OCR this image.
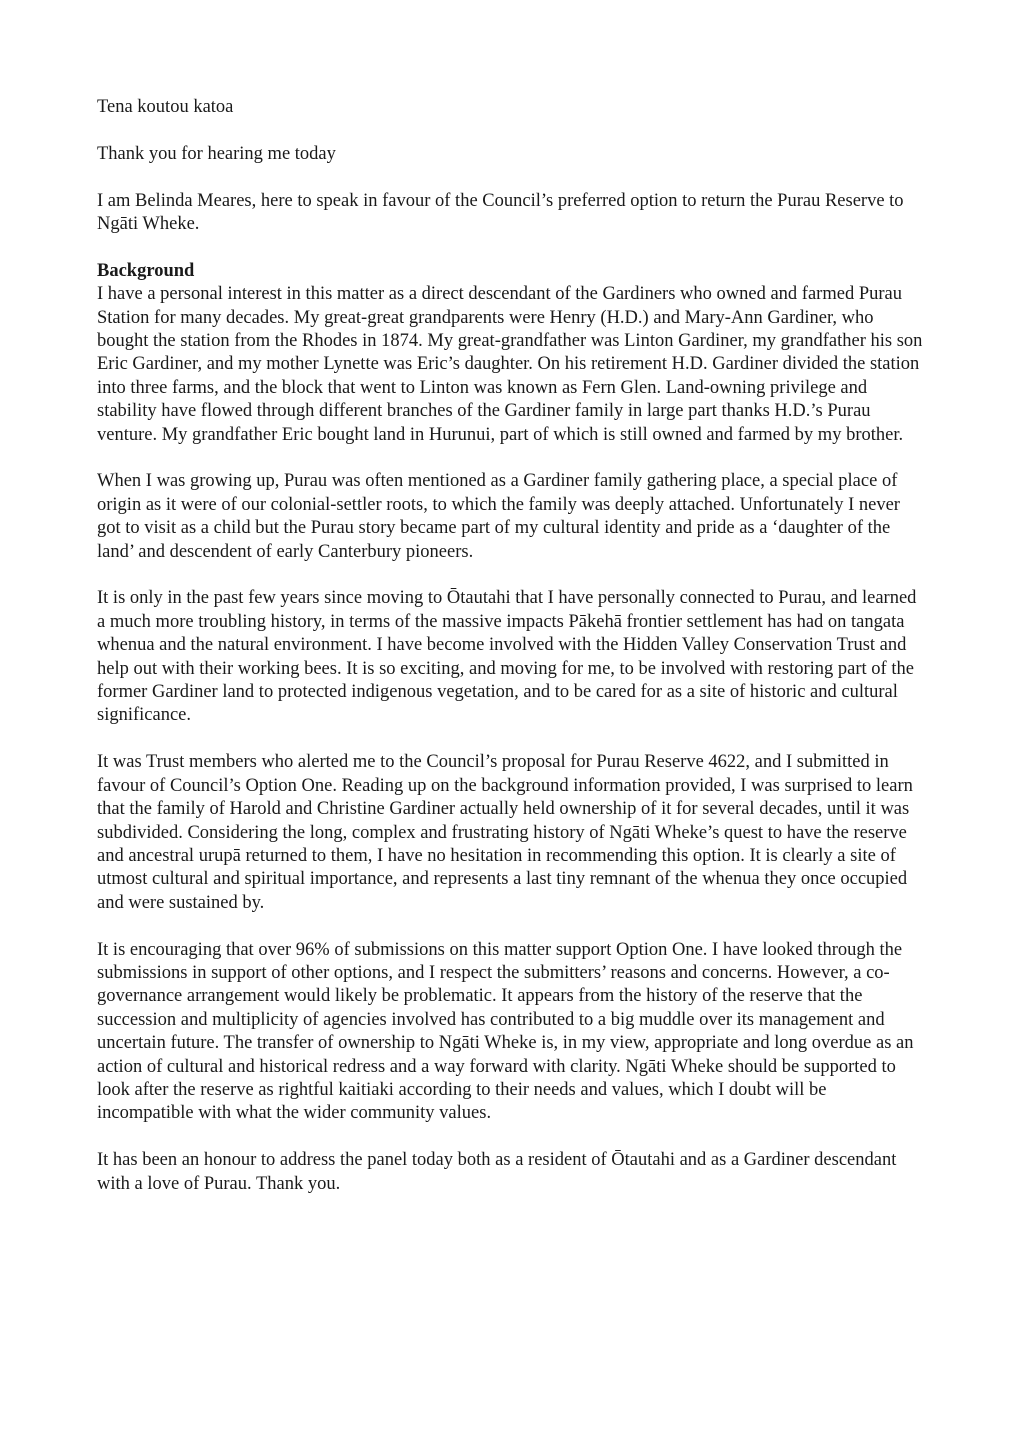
Tena koutou katoa

Thank you for hearing me today

I am Belinda Meares, here to speak in favour of the Council’s preferred option to return the Purau Reserve to Ngāti Wheke.

Background
I have a personal interest in this matter as a direct descendant of the Gardiners who owned and farmed Purau Station for many decades. My great-great grandparents were Henry (H.D.) and Mary-Ann Gardiner, who bought the station from the Rhodes in 1874. My great-grandfather was Linton Gardiner, my grandfather his son Eric Gardiner, and my mother Lynette was Eric’s daughter. On his retirement H.D. Gardiner divided the station into three farms, and the block that went to Linton was known as Fern Glen. Land-owning privilege and stability have flowed through different branches of the Gardiner family in large part thanks H.D.’s Purau venture. My grandfather Eric bought land in Hurunui, part of which is still owned and farmed by my brother.

When I was growing up, Purau was often mentioned as a Gardiner family gathering place, a special place of origin as it were of our colonial-settler roots, to which the family was deeply attached. Unfortunately I never got to visit as a child but the Purau story became part of my cultural identity and pride as a ‘daughter of the land’ and descendent of early Canterbury pioneers.

It is only in the past few years since moving to Ōtautahi that I have personally connected to Purau, and learned a much more troubling history, in terms of the massive impacts Pākehā frontier settlement has had on tangata whenua and the natural environment. I have become involved with the Hidden Valley Conservation Trust and help out with their working bees. It is so exciting, and moving for me, to be involved with restoring part of the former Gardiner land to protected indigenous vegetation, and to be cared for as a site of historic and cultural significance.

It was Trust members who alerted me to the Council’s proposal for Purau Reserve 4622, and I submitted in favour of Council’s Option One. Reading up on the background information provided, I was surprised to learn that the family of Harold and Christine Gardiner actually held ownership of it for several decades, until it was subdivided. Considering the long, complex and frustrating history of Ngāti Wheke’s quest to have the reserve and ancestral urupā returned to them, I have no hesitation in recommending this option. It is clearly a site of utmost cultural and spiritual importance, and represents a last tiny remnant of the whenua they once occupied and were sustained by.

It is encouraging that over 96% of submissions on this matter support Option One. I have looked through the submissions in support of other options, and I respect the submitters’ reasons and concerns. However, a co-governance arrangement would likely be problematic. It appears from the history of the reserve that the succession and multiplicity of agencies involved has contributed to a big muddle over its management and uncertain future. The transfer of ownership to Ngāti Wheke is, in my view, appropriate and long overdue as an action of cultural and historical redress and a way forward with clarity. Ngāti Wheke should be supported to look after the reserve as rightful kaitiaki according to their needs and values, which I doubt will be incompatible with what the wider community values.

It has been an honour to address the panel today both as a resident of Ōtautahi and as a Gardiner descendant with a love of Purau. Thank you.
